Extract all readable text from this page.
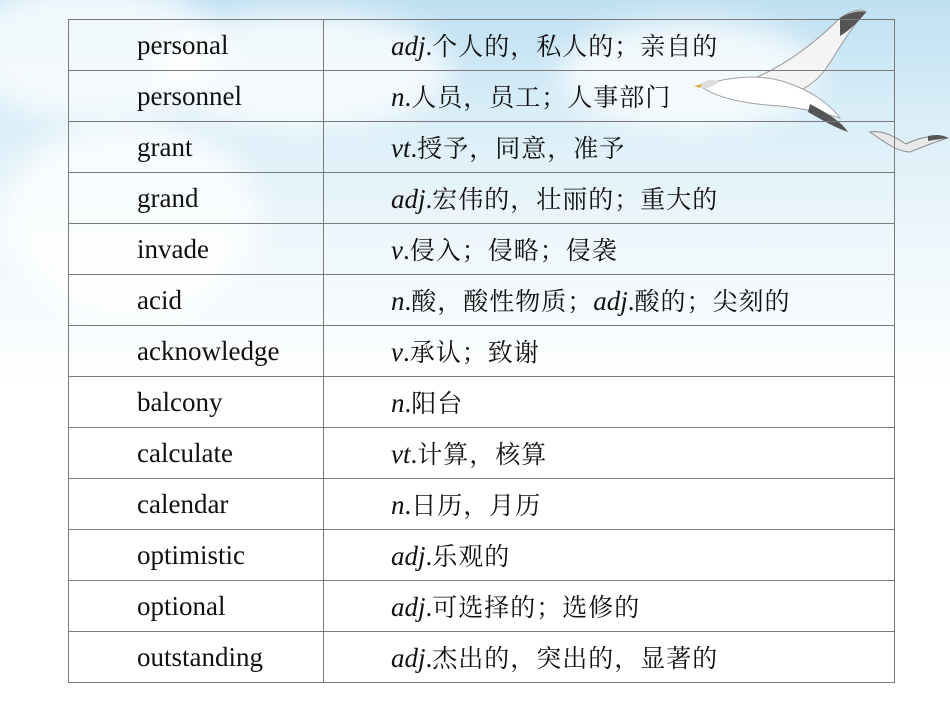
personal	adj.个人的，私人的；亲自的
personnel	n.人员，员工；人事部门
grant	vt.授予，同意，准予
grand	adj.宏伟的，壮丽的；重大的
invade	v.侵入；侵略；侵袭
acid	n.酸，酸性物质；adj.酸的；尖刻的
acknowledge	v.承认；致谢
balcony	n.阳台
calculate	vt.计算，核算
calendar	n.日历，月历
optimistic	adj.乐观的
optional	adj.可选择的；选修的
outstanding	adj.杰出的，突出的，显著的
